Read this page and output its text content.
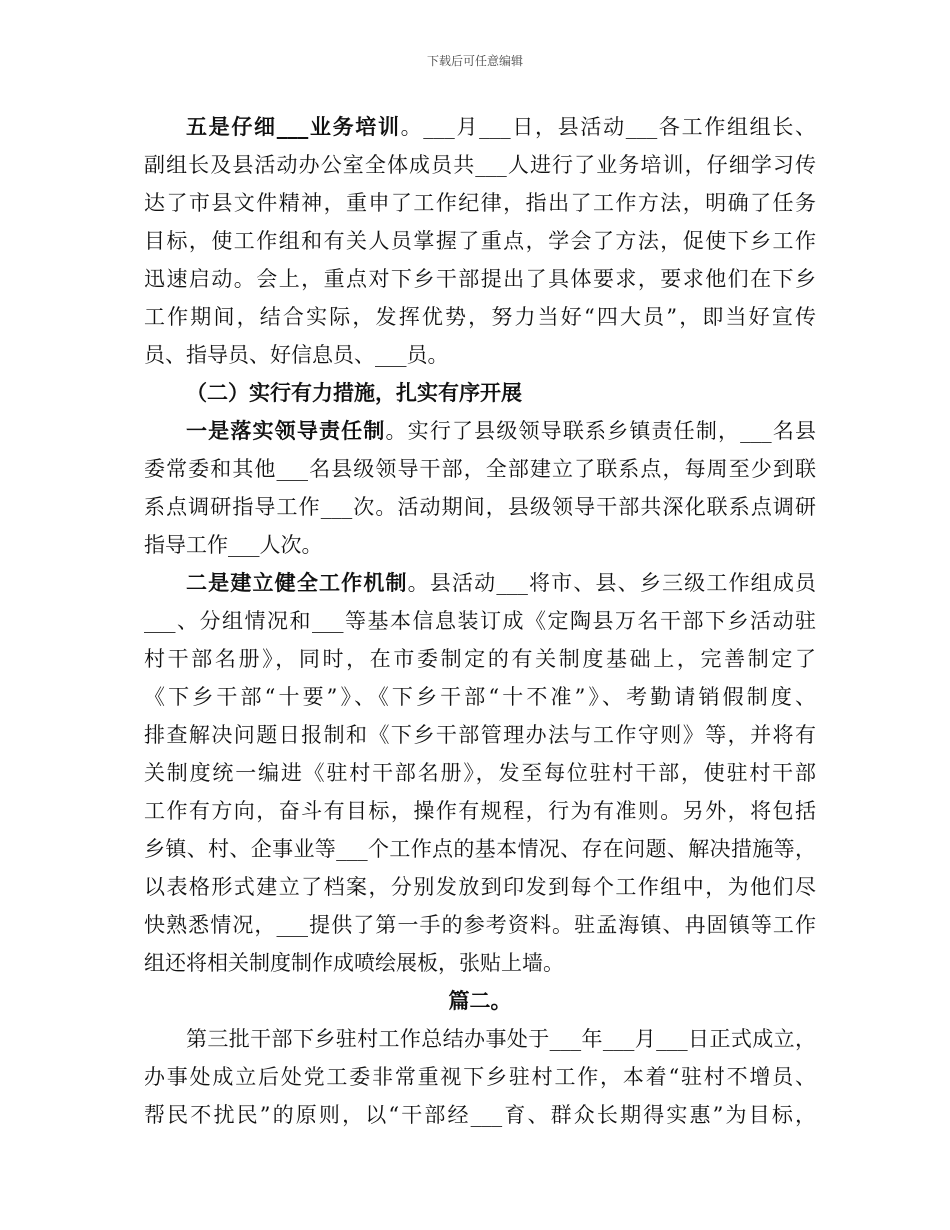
下载后可任意编辑
五是仔细___业务培训。___月___日，县活动___各工作组组长、
副组长及县活动办公室全体成员共___人进行了业务培训，仔细学习传
达了市县文件精神，重申了工作纪律，指出了工作方法，明确了任务
目标，使工作组和有关人员掌握了重点，学会了方法，促使下乡工作
迅速启动。会上，重点对下乡干部提出了具体要求，要求他们在下乡
工作期间，结合实际，发挥优势，努力当好“四大员”，即当好宣传
员、指导员、好信息员、___员。
（二）实行有力措施，扎实有序开展
一是落实领导责任制。实行了县级领导联系乡镇责任制，___名县
委常委和其他___名县级领导干部，全部建立了联系点，每周至少到联
系点调研指导工作___次。活动期间，县级领导干部共深化联系点调研
指导工作___人次。
二是建立健全工作机制。县活动___将市、县、乡三级工作组成员
___、分组情况和___等基本信息装订成《定陶县万名干部下乡活动驻
村干部名册》，同时，在市委制定的有关制度基础上，完善制定了
《下乡干部“十要”》、《下乡干部“十不准”》、考勤请销假制度、
排查解决问题日报制和《下乡干部管理办法与工作守则》等，并将有
关制度统一编进《驻村干部名册》，发至每位驻村干部，使驻村干部
工作有方向，奋斗有目标，操作有规程，行为有准则。另外，将包括
乡镇、村、企事业等___个工作点的基本情况、存在问题、解决措施等，
以表格形式建立了档案，分别发放到印发到每个工作组中，为他们尽
快熟悉情况，___提供了第一手的参考资料。驻孟海镇、冉固镇等工作
组还将相关制度制作成喷绘展板，张贴上墙。
篇二。
第三批干部下乡驻村工作总结办事处于___年___月___日正式成立，
办事处成立后处党工委非常重视下乡驻村工作，本着“驻村不增员、
帮民不扰民”的原则，以“干部经___育、群众长期得实惠”为目标，
